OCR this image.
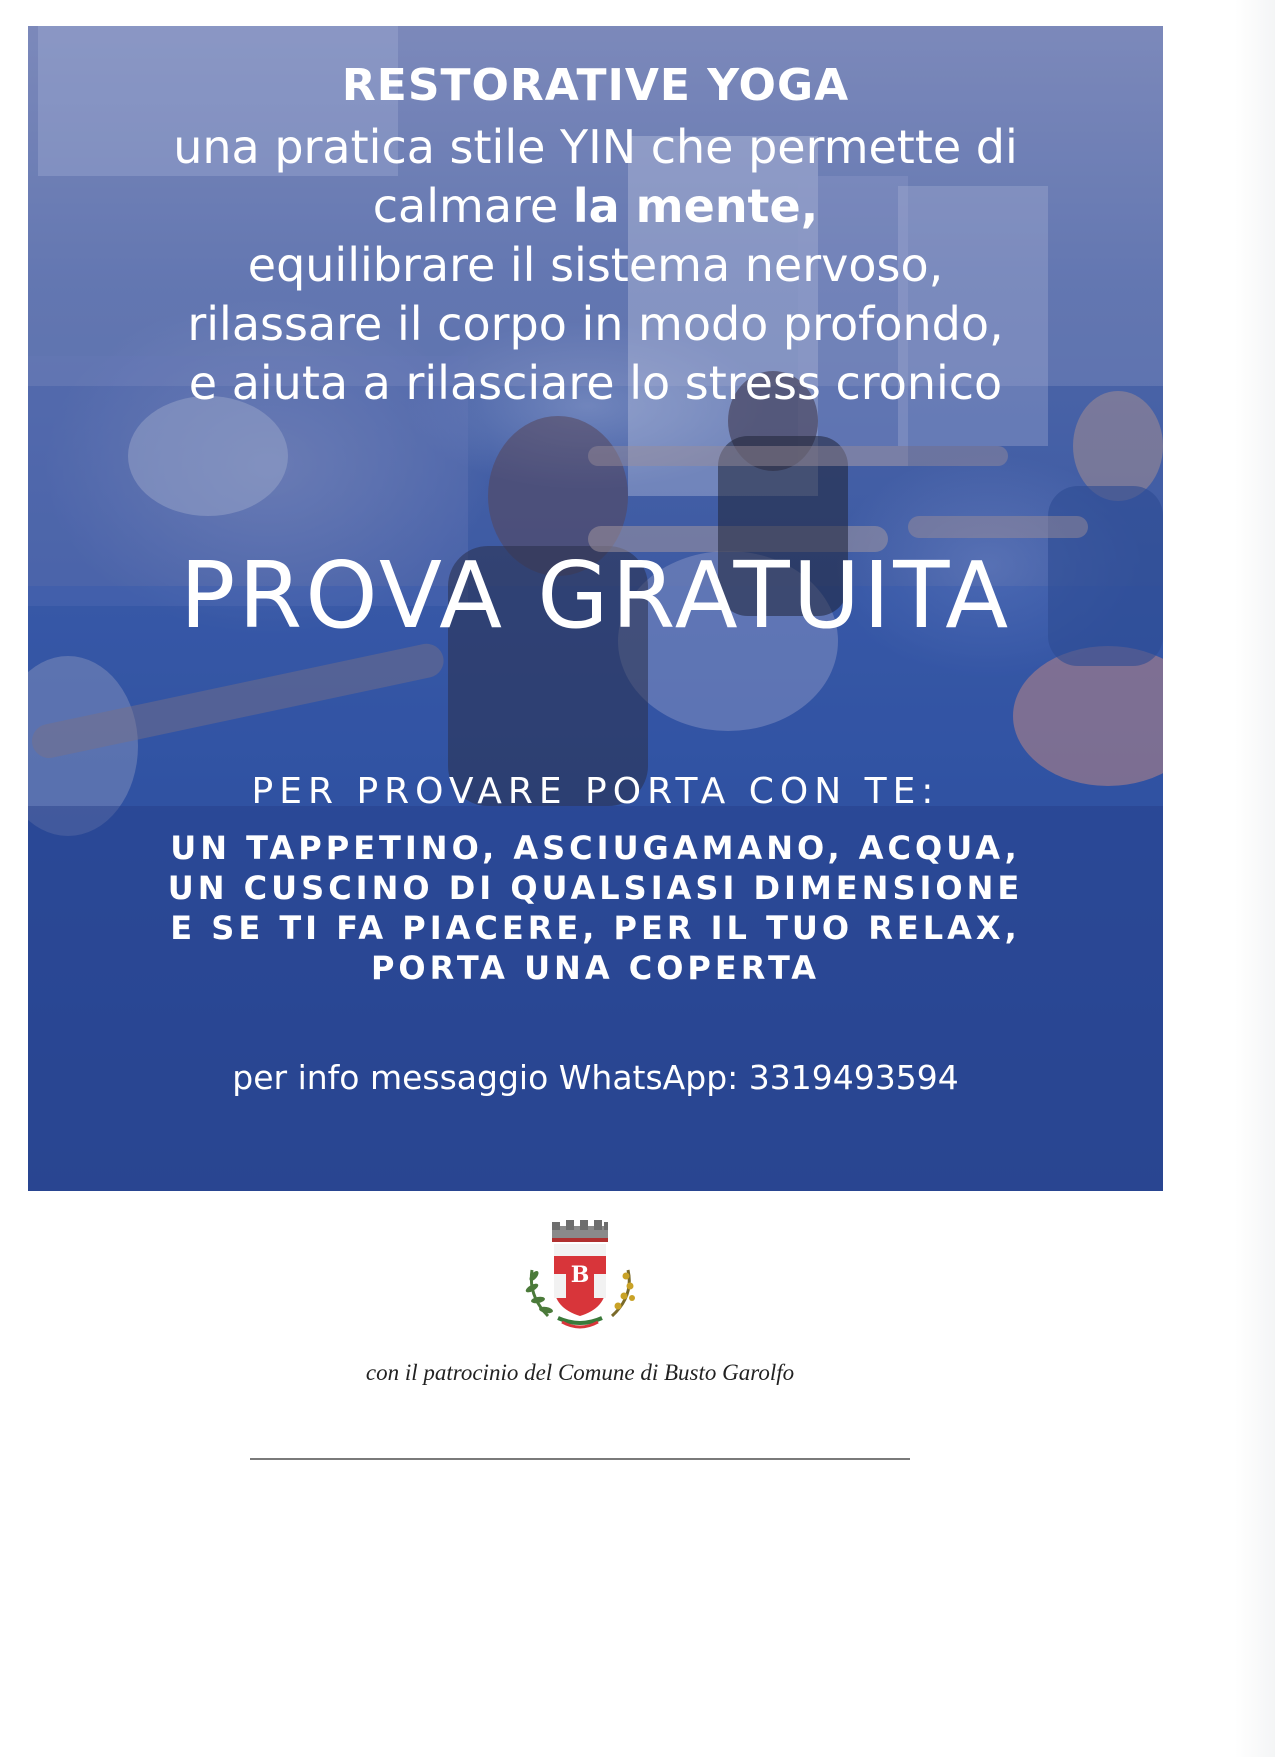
RESTORATIVE YOGA
una pratica stile YIN che permette di
calmare la mente,
equilibrare il sistema nervoso,
rilassare il corpo in modo profondo,
e aiuta a rilasciare lo stress cronico
PROVA GRATUITA
PER PROVARE PORTA CON TE:
UN TAPPETINO, ASCIUGAMANO, ACQUA,
UN CUSCINO DI QUALSIASI DIMENSIONE
E SE TI FA PIACERE, PER IL TUO RELAX,
PORTA UNA COPERTA
per info messaggio WhatsApp: 3319493594
B
con il patrocinio del Comune di Busto Garolfo
